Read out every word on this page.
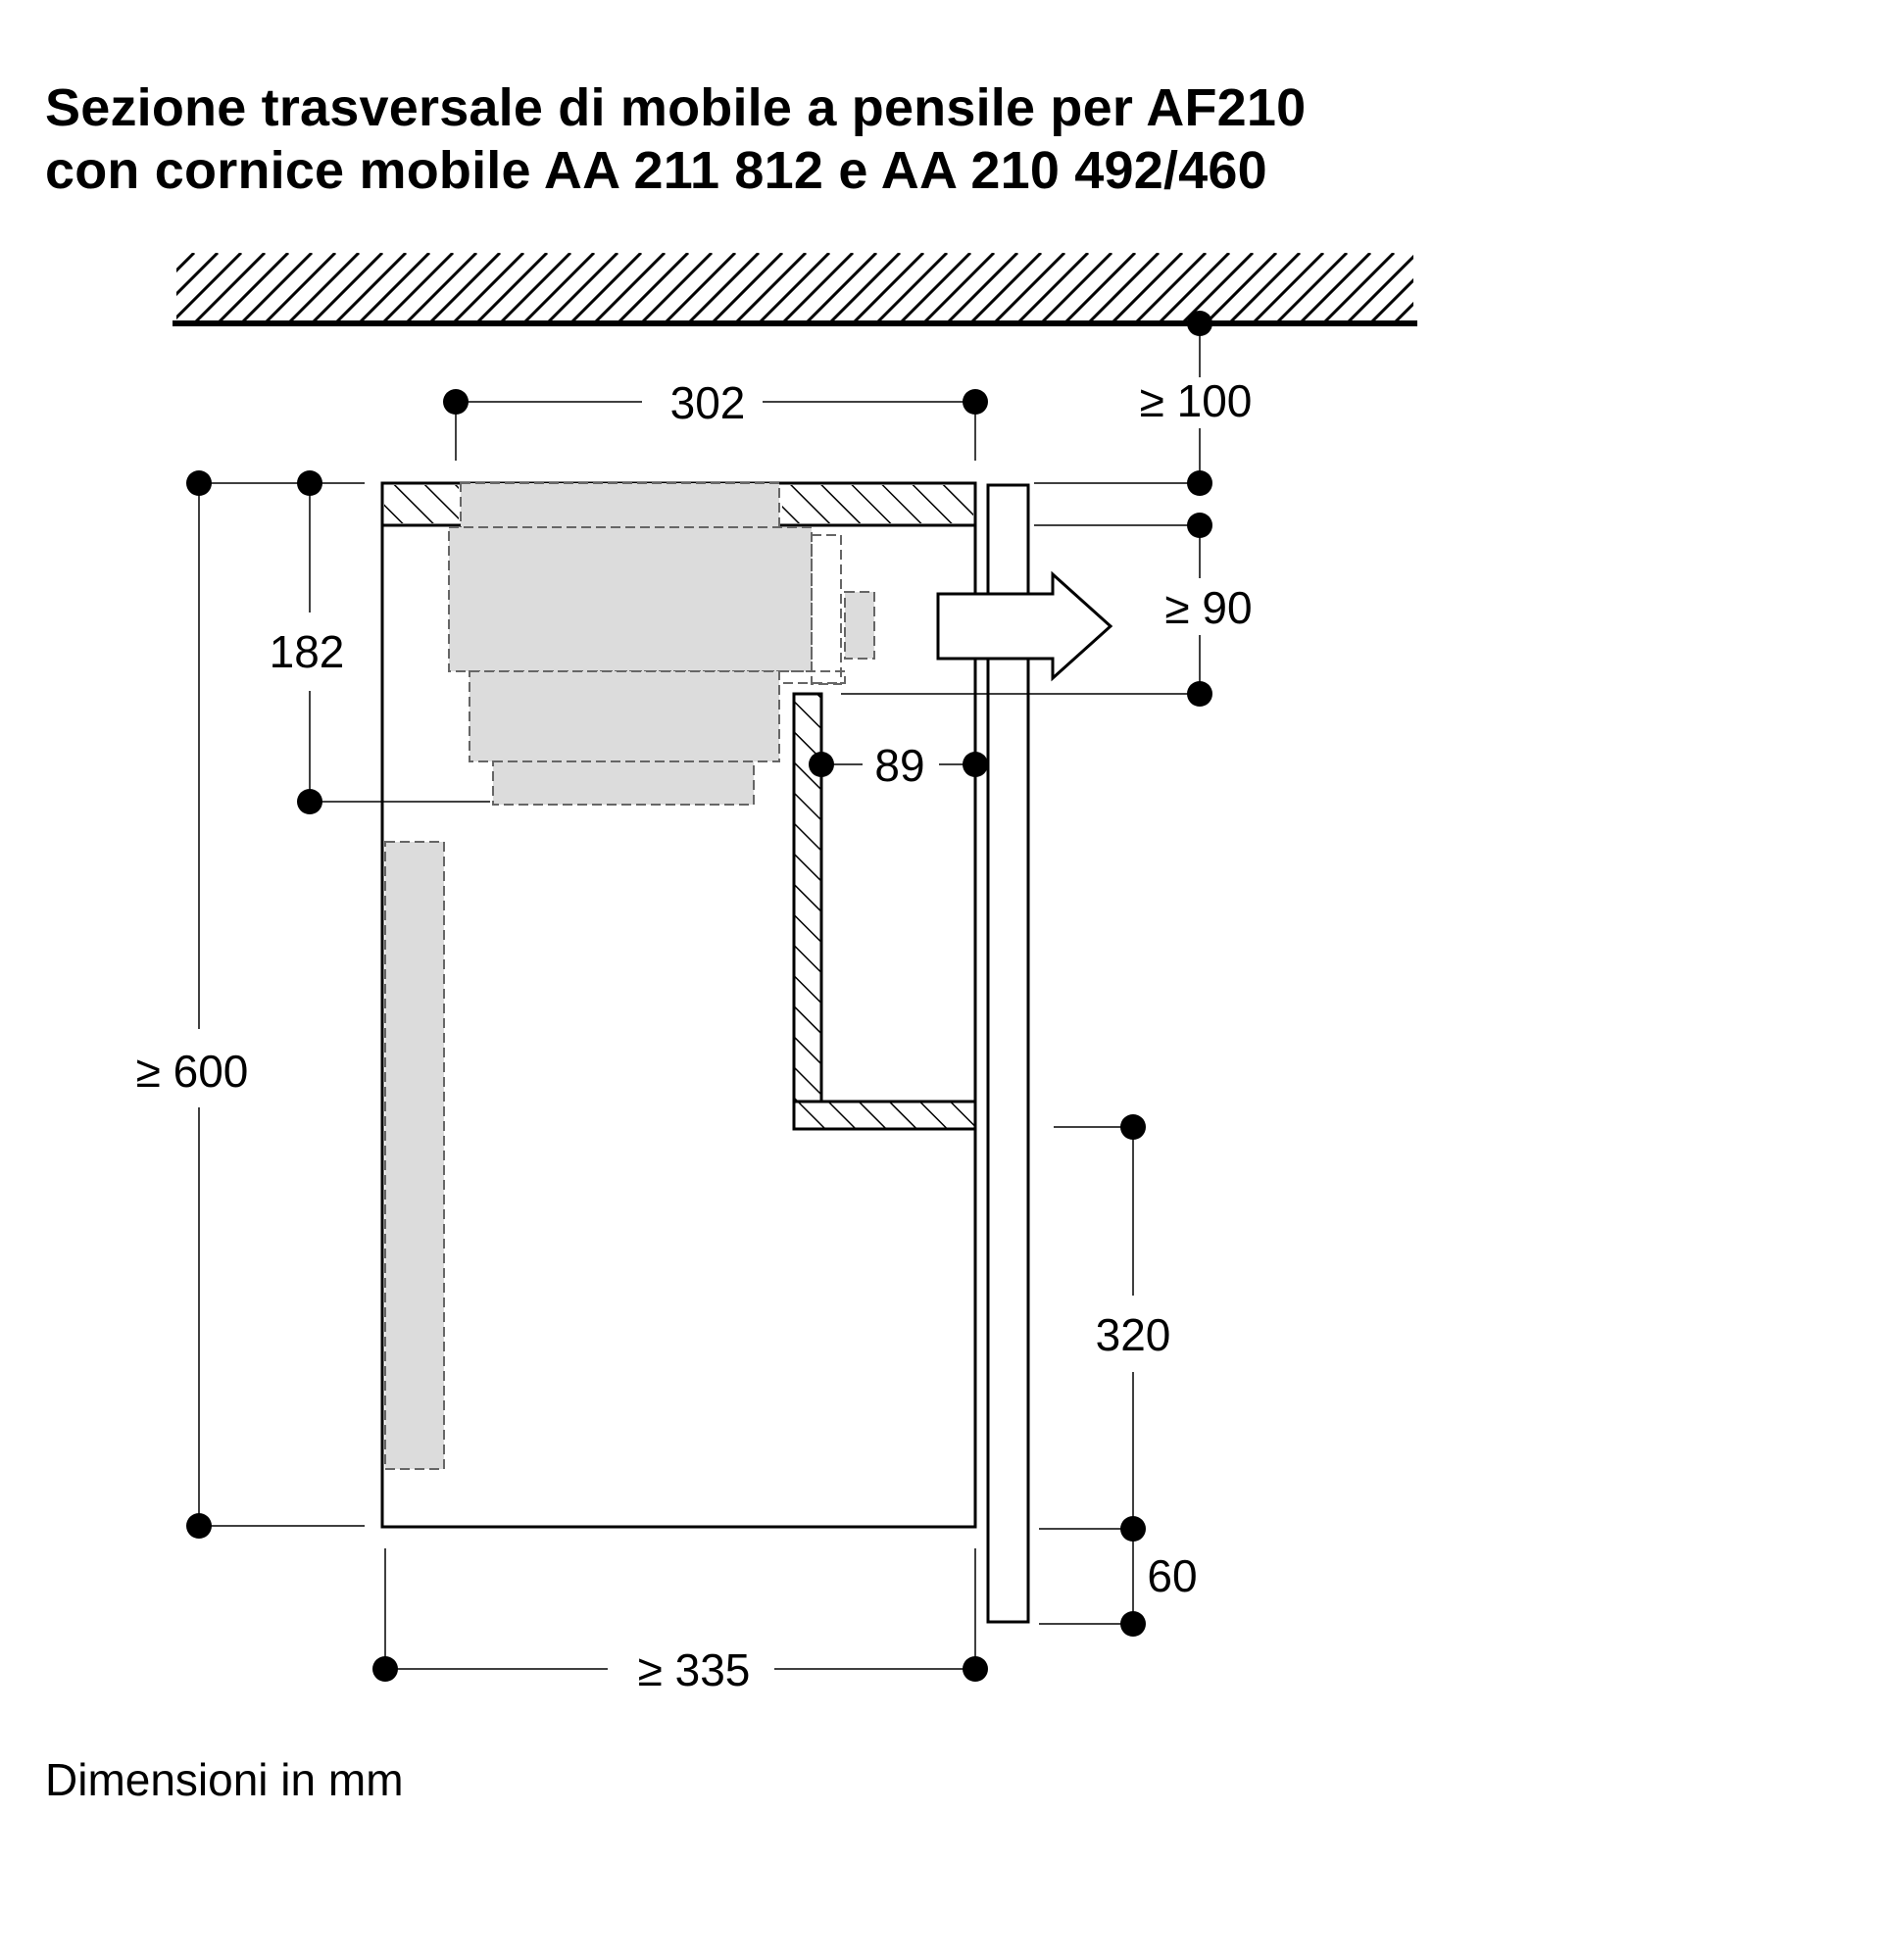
Sezione trasversale di mobile a pensile per AF210
con cornice mobile AA 211 812 e AA 210 492/460
302	≥ 100
≥ 90
182
89
≥ 600
320
60
≥ 335
Dimensioni in mm
